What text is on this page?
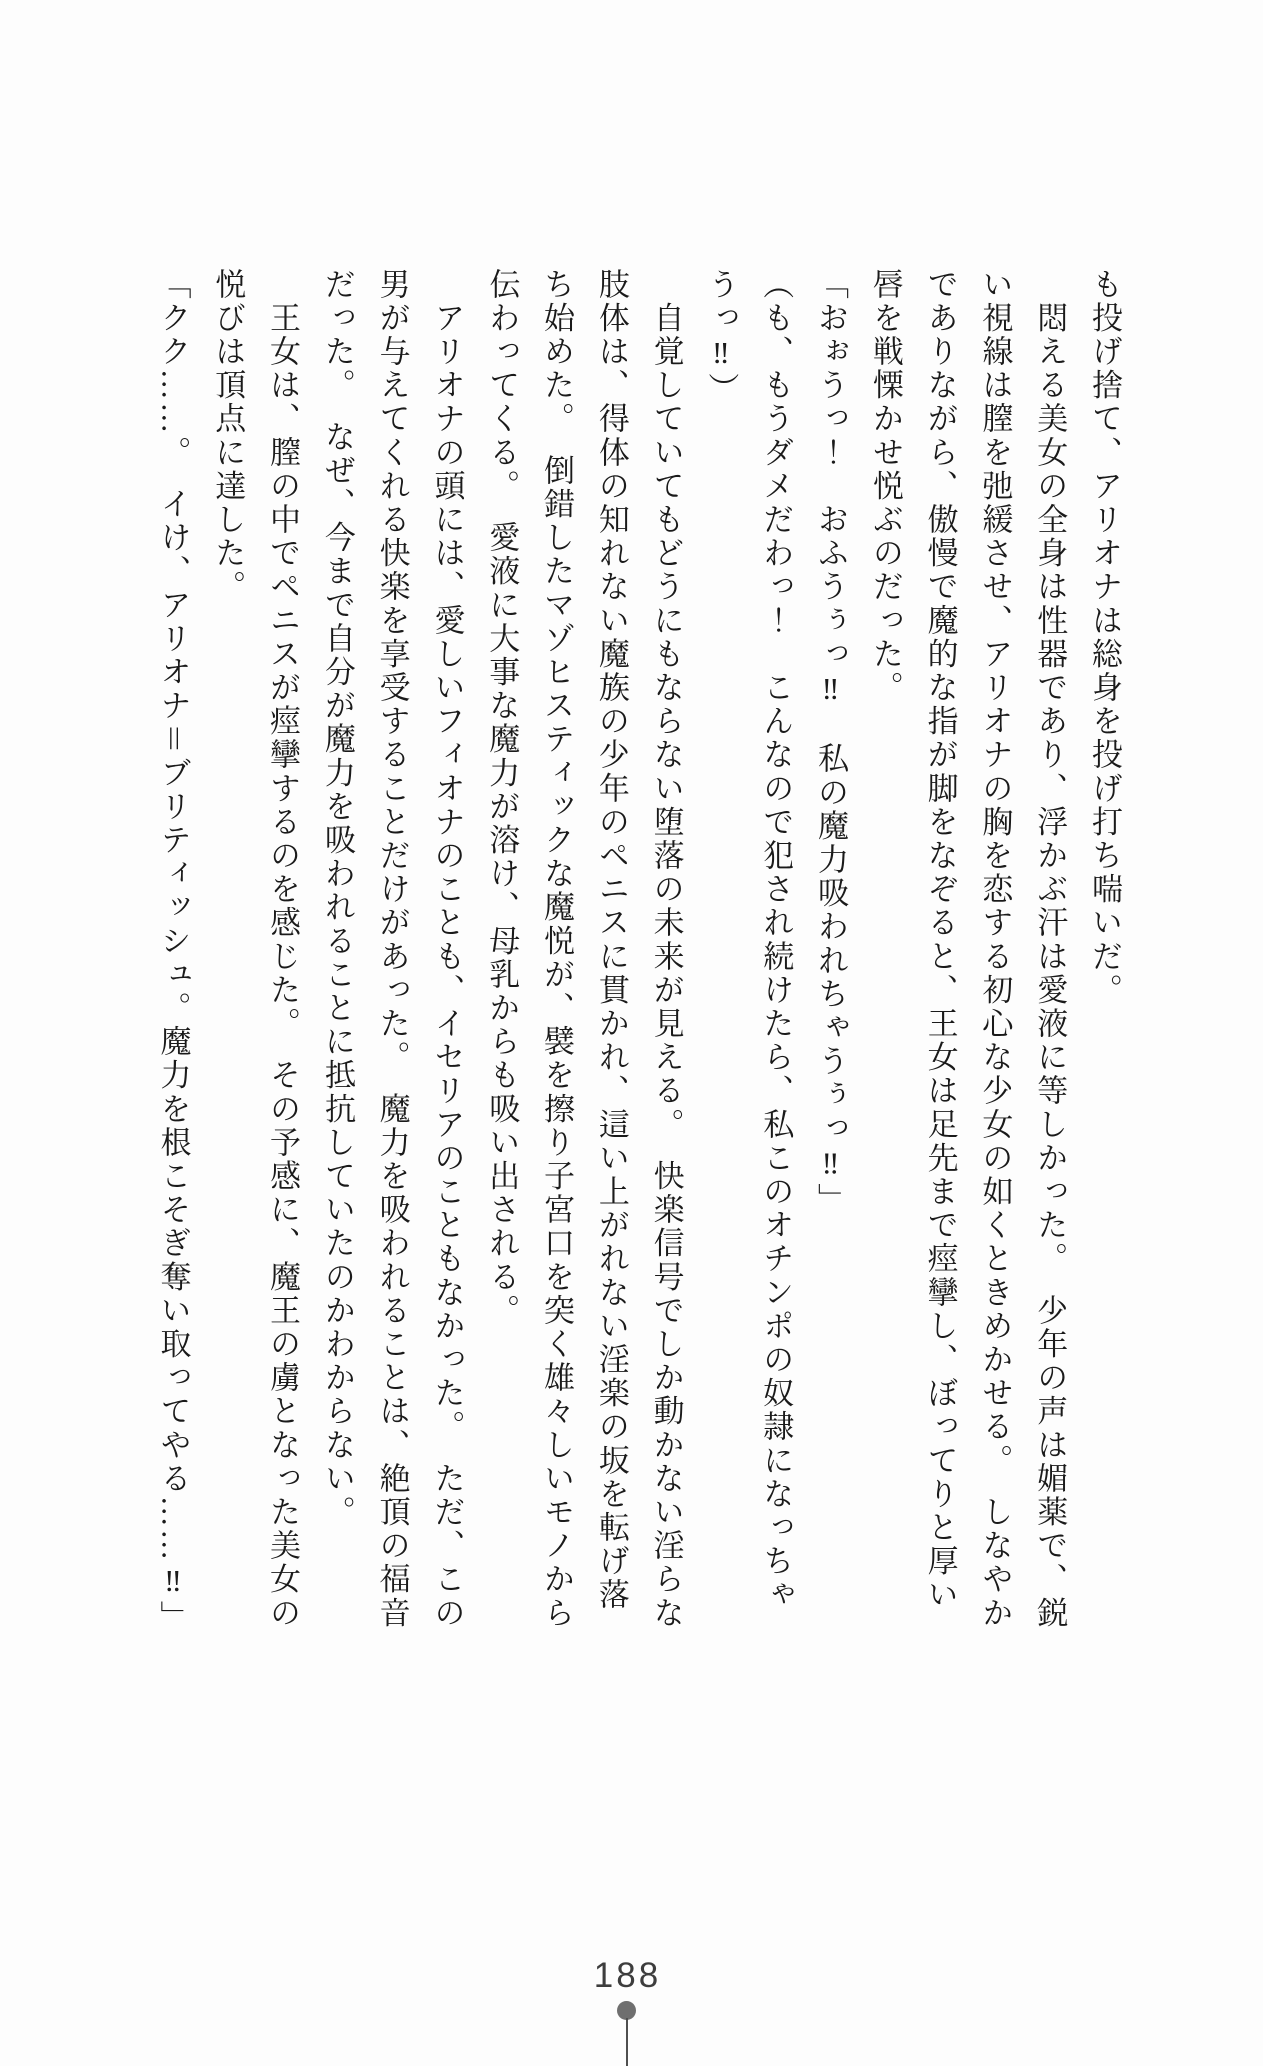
も投げ捨て、アリオナは総身を投げ打ち喘いだ。
　悶える美女の全身は性器であり、浮かぶ汗は愛液に等しかった。　少年の声は媚薬で、鋭
い視線は膣を弛緩させ、アリオナの胸を恋する初心な少女の如くときめかせる。　しなやか
でありながら、傲慢で魔的な指が脚をなぞると、王女は足先まで痙攣し、ぼってりと厚い
唇を戦慄かせ悦ぶのだった。
「おぉうっ！　おふうぅっ‼　私の魔力吸われちゃうぅっ‼」
（も、もうダメだわっ！　こんなので犯され続けたら、私このオチンポの奴隷になっちゃ
うっ‼）
　自覚していてもどうにもならない堕落の未来が見える。　快楽信号でしか動かない淫らな
肢体は、得体の知れない魔族の少年のペニスに貫かれ、這い上がれない淫楽の坂を転げ落
ち始めた。　倒錯したマゾヒスティックな魔悦が、襞を擦り子宮口を突く雄々しいモノから
伝わってくる。　愛液に大事な魔力が溶け、母乳からも吸い出される。
　アリオナの頭には、愛しいフィオナのことも、イセリアのこともなかった。　ただ、この
男が与えてくれる快楽を享受することだけがあった。　魔力を吸われることは、絶頂の福音
だった。　なぜ、今まで自分が魔力を吸われることに抵抗していたのかわからない。
　王女は、膣の中でペニスが痙攣するのを感じた。　その予感に、魔王の虜となった美女の
悦びは頂点に達した。
「クク……。　イけ、アリオナ＝ブリティッシュ。魔力を根こそぎ奪い取ってやる……‼」
188
